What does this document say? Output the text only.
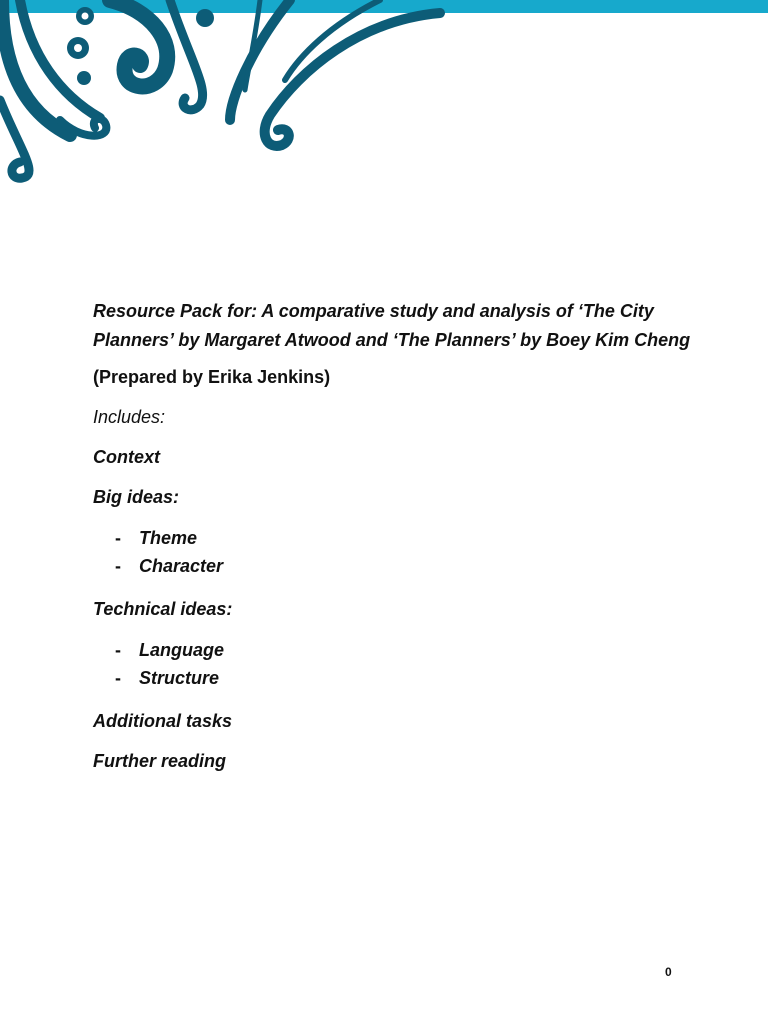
Resource Pack for: A comparative study and analysis of ‘The City Planners’ by Margaret Atwood and ‘The Planners’ by Boey Kim Cheng

(Prepared by Erika Jenkins)

Includes:

Context

Big ideas:

- Theme
- Character

Technical ideas:

- Language
- Structure

Additional tasks

Further reading

0
